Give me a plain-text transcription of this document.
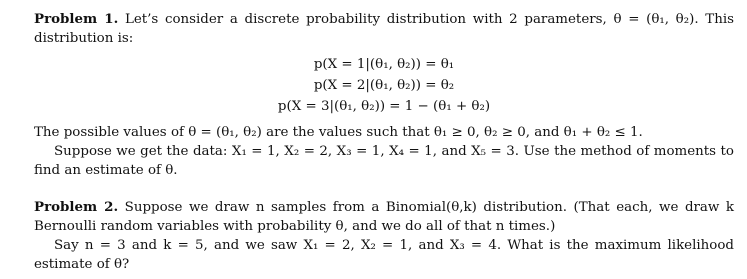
Problem 1. Let’s consider a discrete probability distribution with 2 parameters, θ = (θ₁, θ₂). This distribution is:

p(X = 1|(θ₁, θ₂)) = θ₁

p(X = 2|(θ₁, θ₂)) = θ₂

p(X = 3|(θ₁, θ₂)) = 1 − (θ₁ + θ₂)

The possible values of θ = (θ₁, θ₂) are the values such that θ₁ ≥ 0, θ₂ ≥ 0, and θ₁ + θ₂ ≤ 1.

Suppose we get the data: X₁ = 1, X₂ = 2, X₃ = 1, X₄ = 1, and X₅ = 3. Use the method of moments to find an estimate of θ.

Problem 2. Suppose we draw n samples from a Binomial(θ,k) distribution. (That each, we draw k Bernoulli random variables with probability θ, and we do all of that n times.)

Say n = 3 and k = 5, and we saw X₁ = 2, X₂ = 1, and X₃ = 4. What is the maximum likelihood estimate of θ?
